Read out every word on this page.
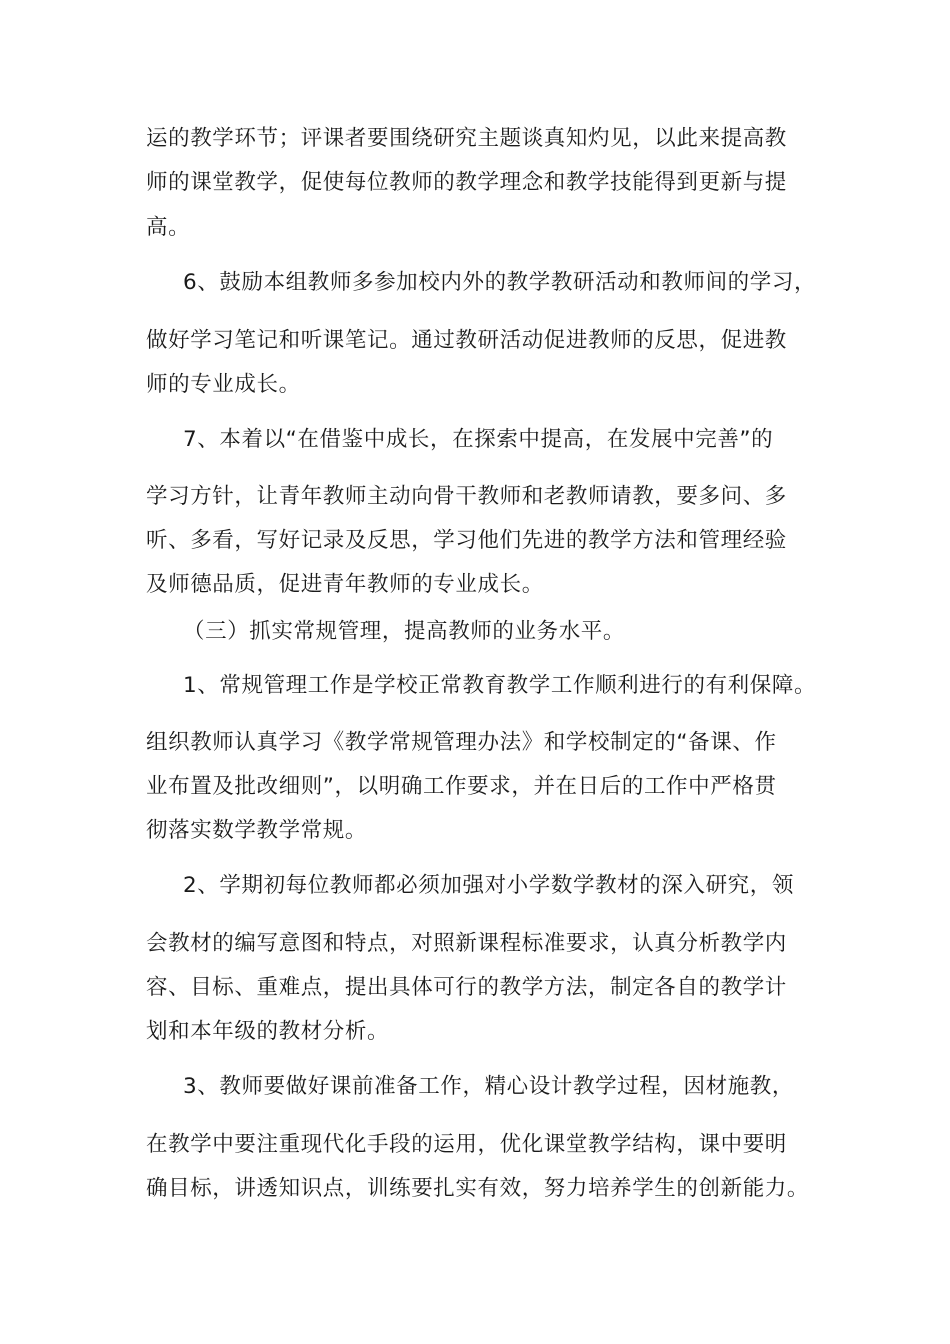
运的教学环节；评课者要围绕研究主题谈真知灼见，以此来提高教
师的课堂教学，促使每位教师的教学理念和教学技能得到更新与提
高。
6、鼓励本组教师多参加校内外的教学教研活动和教师间的学习，
做好学习笔记和听课笔记。通过教研活动促进教师的反思，促进教
师的专业成长。
7、本着以“在借鉴中成长，在探索中提高，在发展中完善”的
学习方针，让青年教师主动向骨干教师和老教师请教，要多问、多
听、多看，写好记录及反思，学习他们先进的教学方法和管理经验
及师德品质，促进青年教师的专业成长。
（三）抓实常规管理，提高教师的业务水平。
1、常规管理工作是学校正常教育教学工作顺利进行的有利保障。
组织教师认真学习《教学常规管理办法》和学校制定的“备课、作
业布置及批改细则”，以明确工作要求，并在日后的工作中严格贯
彻落实数学教学常规。
2、学期初每位教师都必须加强对小学数学教材的深入研究，领
会教材的编写意图和特点，对照新课程标准要求，认真分析教学内
容、目标、重难点，提出具体可行的教学方法，制定各自的教学计
划和本年级的教材分析。
3、教师要做好课前准备工作，精心设计教学过程，因材施教，
在教学中要注重现代化手段的运用，优化课堂教学结构，课中要明
确目标，讲透知识点，训练要扎实有效，努力培养学生的创新能力。
